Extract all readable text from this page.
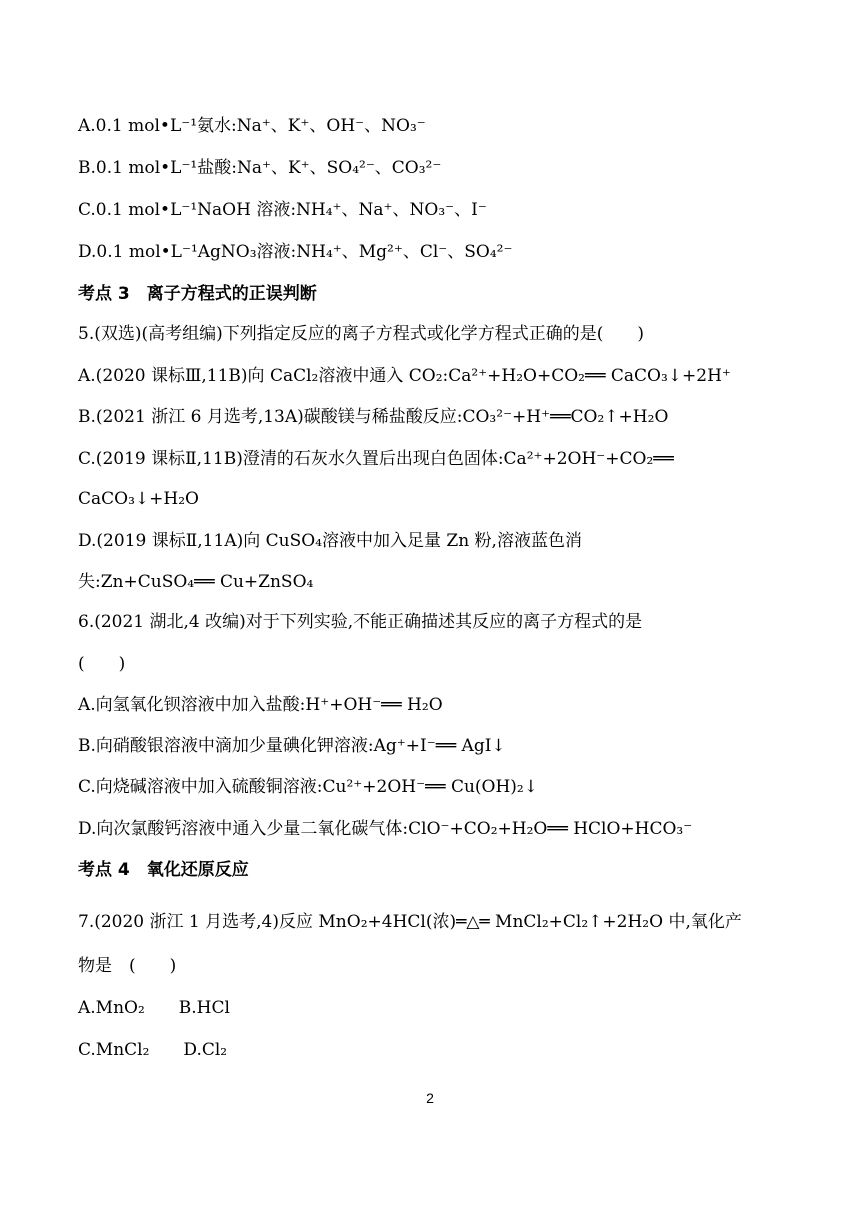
A.0.1 mol•L⁻¹氨水:Na⁺、K⁺、OH⁻、NO₃⁻
B.0.1 mol•L⁻¹盐酸:Na⁺、K⁺、SO₄²⁻、CO₃²⁻
C.0.1 mol•L⁻¹NaOH 溶液:NH₄⁺、Na⁺、NO₃⁻、I⁻
D.0.1 mol•L⁻¹AgNO₃溶液:NH₄⁺、Mg²⁺、Cl⁻、SO₄²⁻
考点 3　离子方程式的正误判断
5.(双选)(高考组编)下列指定反应的离子方程式或化学方程式正确的是(　　)
A.(2020 课标Ⅲ,11B)向 CaCl₂溶液中通入 CO₂:Ca²⁺+H₂O+CO₂══ CaCO₃↓+2H⁺
B.(2021 浙江 6 月选考,13A)碳酸镁与稀盐酸反应:CO₃²⁻+H⁺══CO₂↑+H₂O
C.(2019 课标Ⅱ,11B)澄清的石灰水久置后出现白色固体:Ca²⁺+2OH⁻+CO₂══
CaCO₃↓+H₂O
D.(2019 课标Ⅱ,11A)向 CuSO₄溶液中加入足量 Zn 粉,溶液蓝色消
失:Zn+CuSO₄══ Cu+ZnSO₄
6.(2021 湖北,4 改编)对于下列实验,不能正确描述其反应的离子方程式的是
(　　)
A.向氢氧化钡溶液中加入盐酸:H⁺+OH⁻══ H₂O
B.向硝酸银溶液中滴加少量碘化钾溶液:Ag⁺+I⁻══ AgI↓
C.向烧碱溶液中加入硫酸铜溶液:Cu²⁺+2OH⁻══ Cu(OH)₂↓
D.向次氯酸钙溶液中通入少量二氧化碳气体:ClO⁻+CO₂+H₂O══ HClO+HCO₃⁻
考点 4　氧化还原反应
7.(2020 浙江 1 月选考,4)反应 MnO₂+4HCl(浓)═△═ MnCl₂+Cl₂↑+2H₂O 中,氧化产
物是　(　　)
A.MnO₂　　B.HCl
C.MnCl₂　　D.Cl₂
2
